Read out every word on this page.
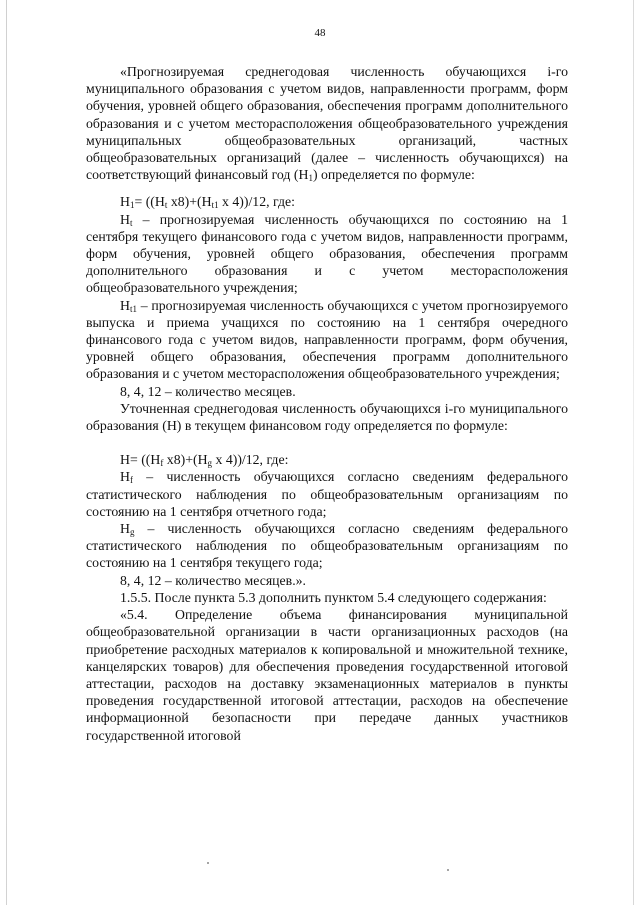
48

«Прогнозируемая среднегодовая численность обучающихся i-го муниципального образования с учетом видов, направленности программ, форм обучения, уровней общего образования, обеспечения программ дополнительного образования и с учетом месторасположения общеобразовательного учреждения муниципальных общеобразовательных организаций, частных общеобразовательных организаций (далее – численность обучающихся) на соответствующий финансовый год $(H_1)$ определяется по формуле:

$H_1= ((H_t$ $x8)+(H_{t1}$ x 4))/12, где:

$H_t$ – прогнозируемая численность обучающихся по состоянию на 1 сентября текущего финансового года с учетом видов, направленности программ, форм обучения, уровней общего образования, обеспечения программ дополнительного образования и с учетом месторасположения общеобразовательного учреждения;

$H_{t1}$ – прогнозируемая численность обучающихся с учетом прогнозируемого выпуска и приема учащихся по состоянию на 1 сентября очередного финансового года с учетом видов, направленности программ, форм обучения, уровней общего образования, обеспечения программ дополнительного образования и с учетом месторасположения общеобразовательного учреждения;

8, 4, 12 – количество месяцев.

Уточненная среднегодовая численность обучающихся i-го муниципального образования (H) в текущем финансовом году определяется по формуле:

$H= ((H_f$ $x8)+(H_g$ x 4))/12, где:

$H_f$ – численность обучающихся согласно сведениям федерального статистического наблюдения по общеобразовательным организациям по состоянию на 1 сентября отчетного года;

$H_g$ – численность обучающихся согласно сведениям федерального статистического наблюдения по общеобразовательным организациям по состоянию на 1 сентября текущего года;

8, 4, 12 – количество месяцев.».

1.5.5. После пункта 5.3 дополнить пунктом 5.4 следующего содержания:

«5.4. Определение объема финансирования муниципальной общеобразовательной организации в части организационных расходов (на приобретение расходных материалов к копировальной и множительной технике, канцелярских товаров) для обеспечения проведения государственной итоговой аттестации, расходов на доставку экзаменационных материалов в пункты проведения государственной итоговой аттестации, расходов на обеспечение информационной безопасности при передаче данных участников государственной итоговой
